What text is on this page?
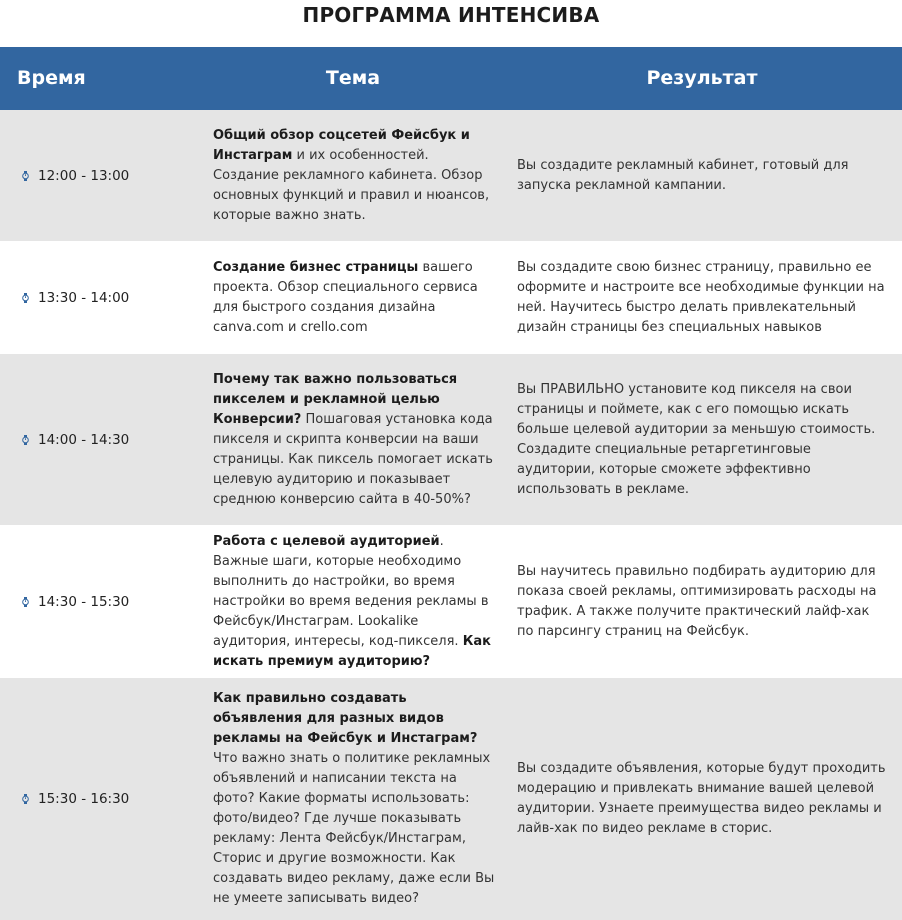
ПРОГРАММА ИНТЕНСИВА
Время	Тема	Результат
12:00 - 13:00
Общий обзор соцсетей Фейсбук и Инстаграм и их особенностей. Создание рекламного кабинета. Обзор основных функций и правил и нюансов, которые важно знать.
Вы создадите рекламный кабинет, готовый для запуска рекламной кампании.
13:30 - 14:00
Создание бизнес страницы вашего проекта. Обзор специального сервиса для быстрого создания дизайна canva.com и crello.com
Вы создадите свою бизнес страницу, правильно ее оформите и настроите все необходимые функции на ней. Научитесь быстро делать привлекательный дизайн страницы без специальных навыков
14:00 - 14:30
Почему так важно пользоваться пикселем и рекламной целью Конверсии? Пошаговая установка кода пикселя и скрипта конверсии на ваши страницы. Как пиксель помогает искать целевую аудиторию и показывает среднюю конверсию сайта в 40-50%?
Вы ПРАВИЛЬНО установите код пикселя на свои страницы и поймете, как с его помощью искать больше целевой аудитории за меньшую стоимость. Создадите специальные ретаргетинговые аудитории, которые сможете эффективно использовать в рекламе.
14:30 - 15:30
Работа с целевой аудиторией. Важные шаги, которые необходимо выполнить до настройки, во время настройки во время ведения рекламы в Фейсбук/Инстаграм. Lookalike аудитория, интересы, код-пикселя. Как искать премиум аудиторию?
Вы научитесь правильно подбирать аудиторию для показа своей рекламы, оптимизировать расходы на трафик. А также получите практический лайф-хак по парсингу страниц на Фейсбук.
15:30 - 16:30
Как правильно создавать объявления для разных видов рекламы на Фейсбук и Инстаграм? Что важно знать о политике рекламных объявлений и написании текста на фото? Какие форматы использовать: фото/видео? Где лучше показывать рекламу: Лента Фейсбук/Инстаграм, Сторис и другие возможности. Как создавать видео рекламу, даже если Вы не умеете записывать видео?
Вы создадите объявления, которые будут проходить модерацию и привлекать внимание вашей целевой аудитории. Узнаете преимущества видео рекламы и лайв-хак по видео рекламе в сторис.
